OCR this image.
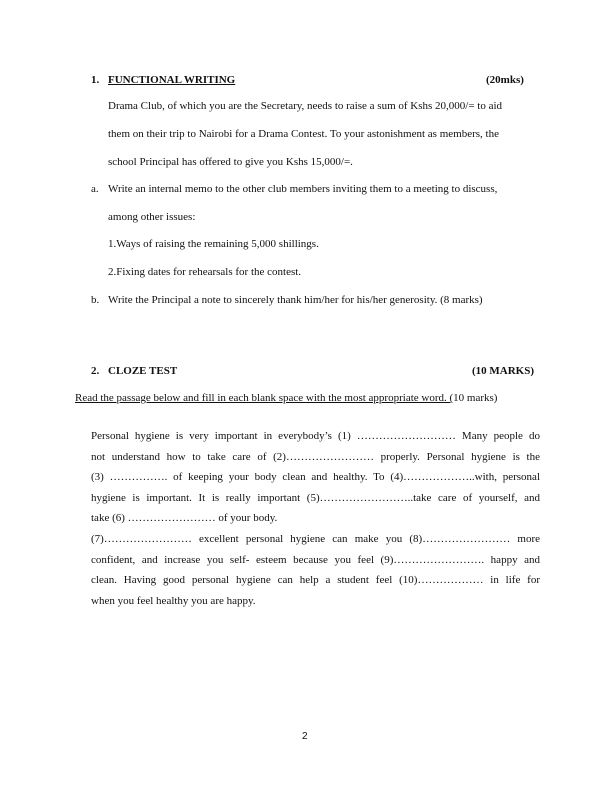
1. FUNCTIONAL WRITING	(20mks)
Drama Club, of which you are the Secretary, needs to raise a sum of Kshs 20,000/= to aid
them on their trip to Nairobi for a Drama Contest. To your astonishment as members, the
school Principal has offered to give you Kshs 15,000/=.
a. Write an internal memo to the other club members inviting them to a meeting to discuss,
among other issues:
1.Ways of raising the remaining 5,000 shillings.
2.Fixing dates for rehearsals for the contest.
b. Write the Principal a note to sincerely thank him/her for his/her generosity. (8 marks)
2. CLOZE TEST	(10 MARKS)
Read the passage below and fill in each blank space with the most appropriate word. (10 marks)
Personal hygiene is very important in everybody’s (1) ……………………… Many people do
not understand how to take care of (2)…………………… properly. Personal hygiene is the
(3) ……………. of keeping your body clean and healthy. To (4)………………..with, personal
hygiene is important. It is really important (5)……………………..take care of yourself, and
take (6) …………………… of your body.
(7)…………………… excellent personal hygiene can make you (8)…………………… more
confident, and increase you self- esteem because you feel (9)……………………. happy and
clean. Having good personal hygiene can help a student feel (10)……………… in life for
when you feel healthy you are happy.
2
